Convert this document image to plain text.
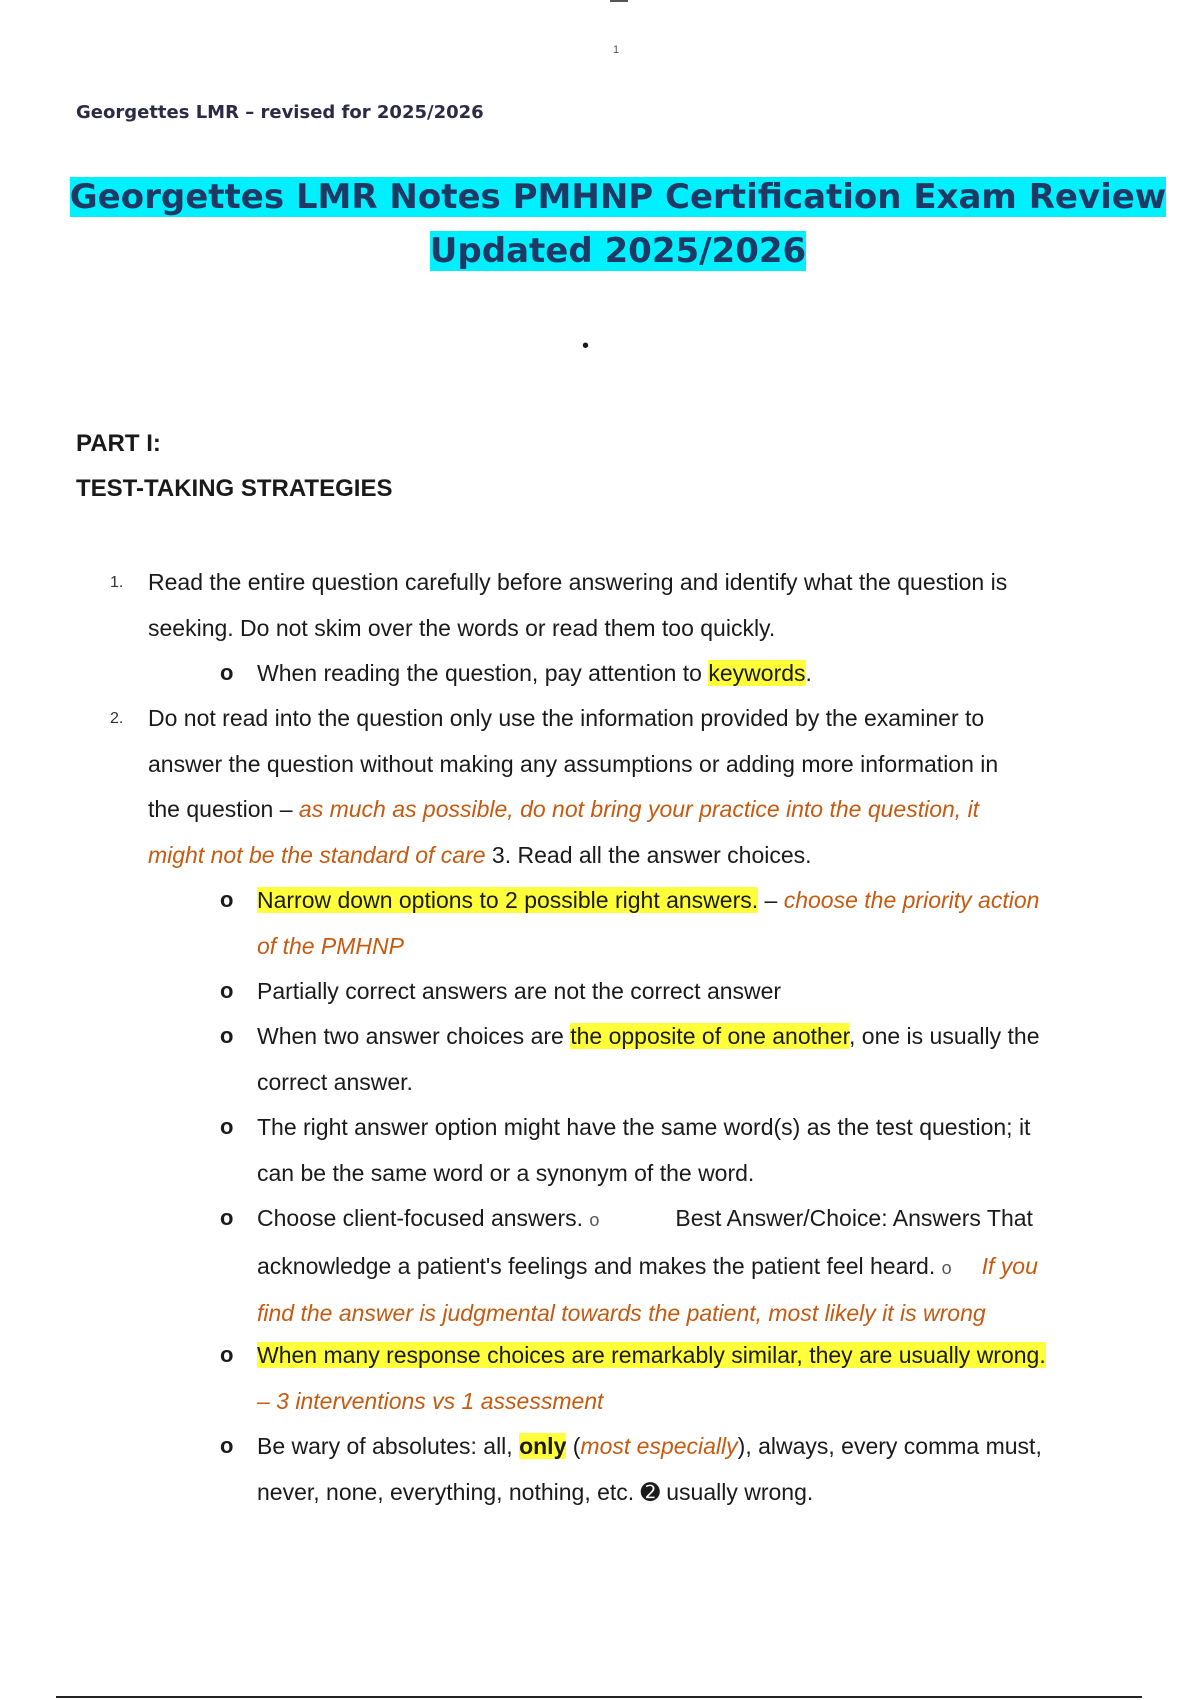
1
Georgettes LMR – revised for 2025/2026
Georgettes LMR Notes PMHNP Certification Exam Review
Updated 2025/2026
•
PART I:
TEST-TAKING STRATEGIES
1. Read the entire question carefully before answering and identify what the question is
seeking. Do not skim over the words or read them too quickly.
o When reading the question, pay attention to keywords.
2. Do not read into the question only use the information provided by the examiner to
answer the question without making any assumptions or adding more information in
the question – as much as possible, do not bring your practice into the question, it
might not be the standard of care 3. Read all the answer choices.
o Narrow down options to 2 possible right answers. – choose the priority action
of the PMHNP
o Partially correct answers are not the correct answer
o When two answer choices are the opposite of one another, one is usually the
correct answer.
o The right answer option might have the same word(s) as the test question; it
can be the same word or a synonym of the word.
o Choose client-focused answers. o	Best Answer/Choice: Answers That
acknowledge a patient's feelings and makes the patient feel heard. o If you
find the answer is judgmental towards the patient, most likely it is wrong
o When many response choices are remarkably similar, they are usually wrong.
– 3 interventions vs 1 assessment
o Be wary of absolutes: all, only (most especially), always, every comma must,
never, none, everything, nothing, etc. ➋ usually wrong.
